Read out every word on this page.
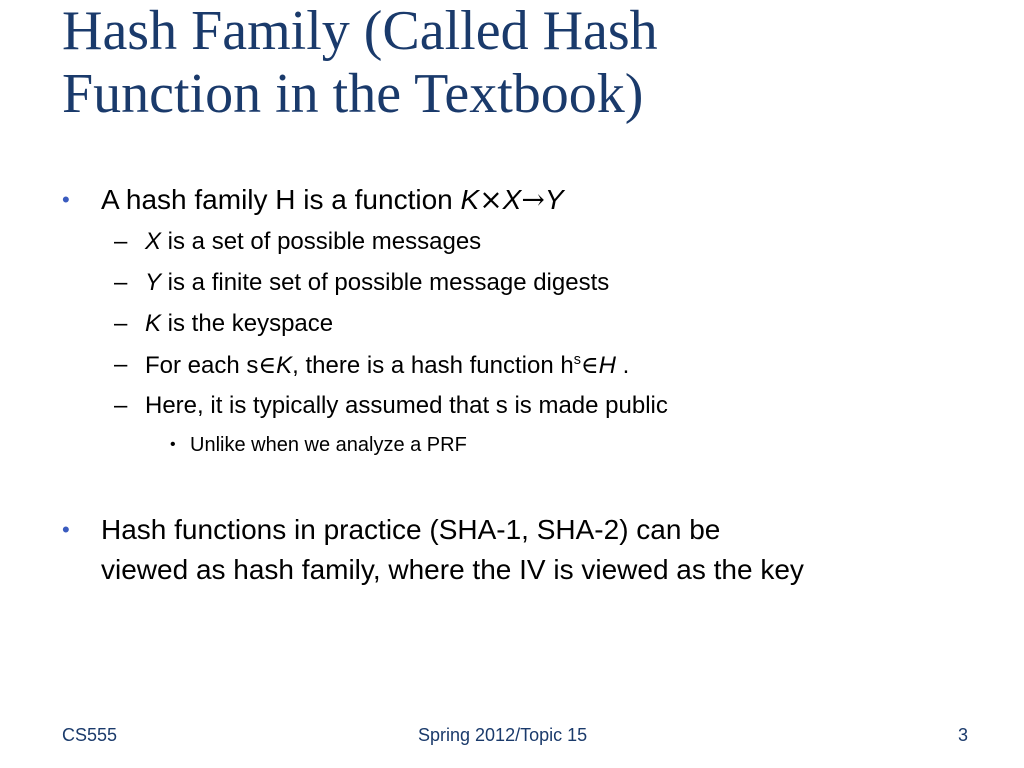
Hash Family (Called Hash
Function in the Textbook)
• A hash family H is a function K×X→Y
– X is a set of possible messages
– Y is a finite set of possible message digests
– K is the keyspace
– For each s∈K, there is a hash function $h^s\in H$ .
– Here, it is typically assumed that s is made public
• Unlike when we analyze a PRF
• Hash functions in practice (SHA-1, SHA-2) can be
viewed as hash family, where the IV is viewed as the key
CS555	Spring 2012/Topic 15	3
